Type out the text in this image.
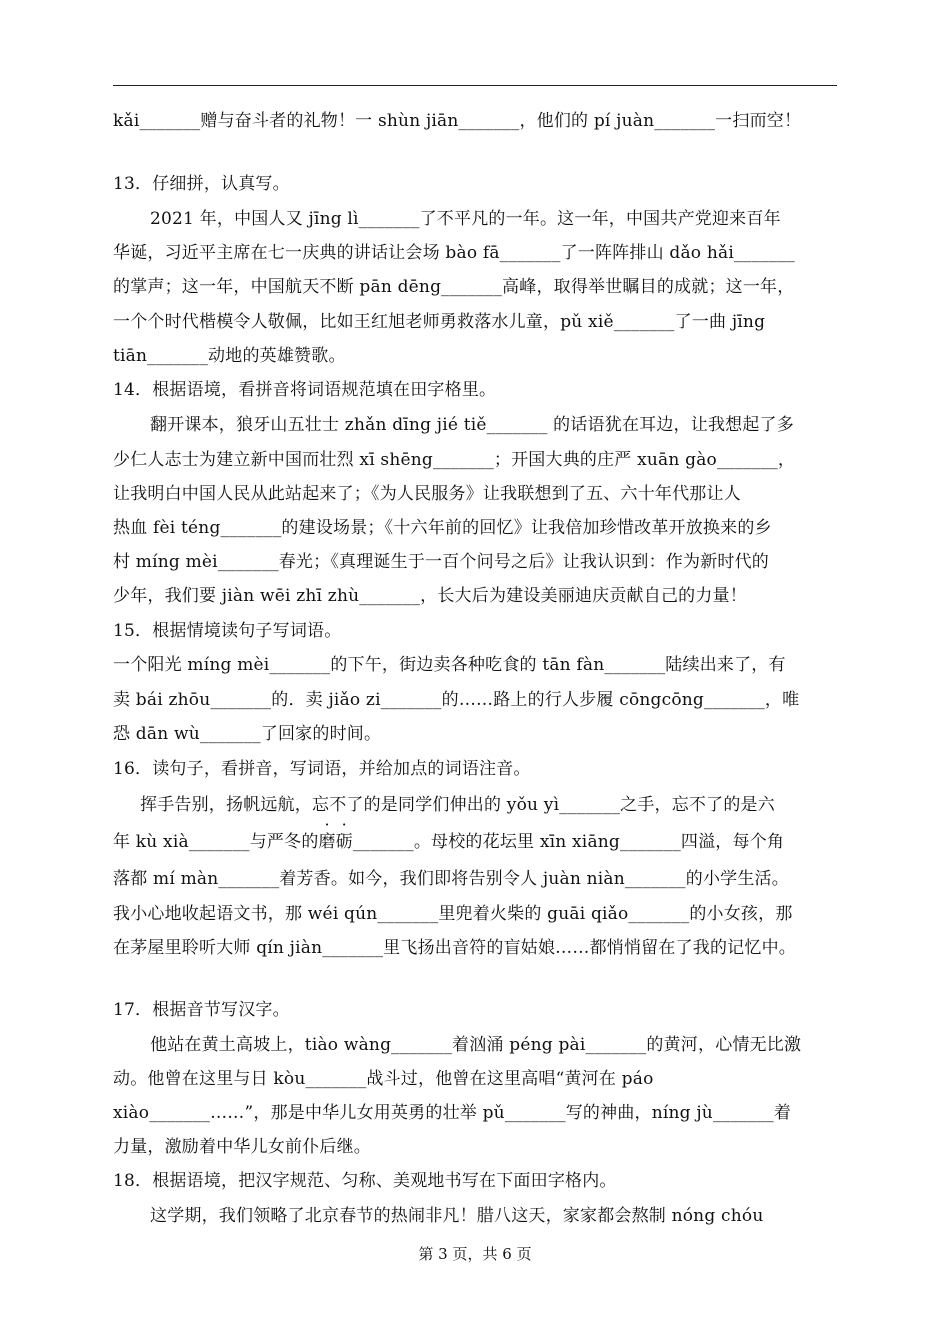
kǎi_______赠与奋斗者的礼物！一 shùn jiān_______，他们的 pí juàn_______一扫而空！
13．仔细拼，认真写。
2021 年，中国人又 jīng lì_______了不平凡的一年。这一年，中国共产党迎来百年
华诞，习近平主席在七一庆典的讲话让会场 bào fā_______了一阵阵排山 dǎo hǎi_______
的掌声；这一年，中国航天不断 pān dēng_______高峰，取得举世瞩目的成就；这一年，
一个个时代楷模令人敬佩，比如王红旭老师勇救落水儿童，pǔ xiě_______了一曲 jīng
tiān_______动地的英雄赞歌。
14．根据语境，看拼音将词语规范填在田字格里。
翻开课本，狼牙山五壮士 zhǎn dīng jié tiě_______ 的话语犹在耳边，让我想起了多
少仁人志士为建立新中国而壮烈 xī shēng_______；开国大典的庄严 xuān gào_______，
让我明白中国人民从此站起来了；《为人民服务》让我联想到了五、六十年代那让人
热血 fèi téng_______的建设场景；《十六年前的回忆》让我倍加珍惜改革开放换来的乡
村 míng mèi_______春光；《真理诞生于一百个问号之后》让我认识到：作为新时代的
少年，我们要 jiàn wēi zhī zhù_______，长大后为建设美丽迪庆贡献自己的力量！
15．根据情境读句子写词语。
一个阳光 míng mèi_______的下午，街边卖各种吃食的 tān fàn_______陆续出来了，有
卖 bái zhōu_______的．卖 jiǎo zi_______的……路上的行人步履 cōngcōng_______，唯
恐 dān wù_______了回家的时间。
16．读句子，看拼音，写词语，并给加点的词语注音。
挥手告别，扬帆远航，忘不了的是同学们伸出的 yǒu yì_______之手，忘不了的是六
年 kù xià_______与严冬的磨砺_______。母校的花坛里 xīn xiāng_______四溢，每个角
落都 mí màn_______着芳香。如今，我们即将告别令人 juàn niàn_______的小学生活。
我小心地收起语文书，那 wéi qún_______里兜着火柴的 guāi qiǎo_______的小女孩，那
在茅屋里聆听大师 qín jiàn_______里飞扬出音符的盲姑娘……都悄悄留在了我的记忆中。
17．根据音节写汉字。
他站在黄土高坡上，tiào wàng_______着汹涌 péng pài_______的黄河，心情无比激
动。他曾在这里与日 kòu_______战斗过，他曾在这里高唱“黄河在 páo
xiào_______……”，那是中华儿女用英勇的壮举 pǔ_______写的神曲，níng jù_______着
力量，激励着中华儿女前仆后继。
18．根据语境，把汉字规范、匀称、美观地书写在下面田字格内。
这学期，我们领略了北京春节的热闹非凡！腊八这天，家家都会熬制 nóng chóu
第 3 页，共 6 页
